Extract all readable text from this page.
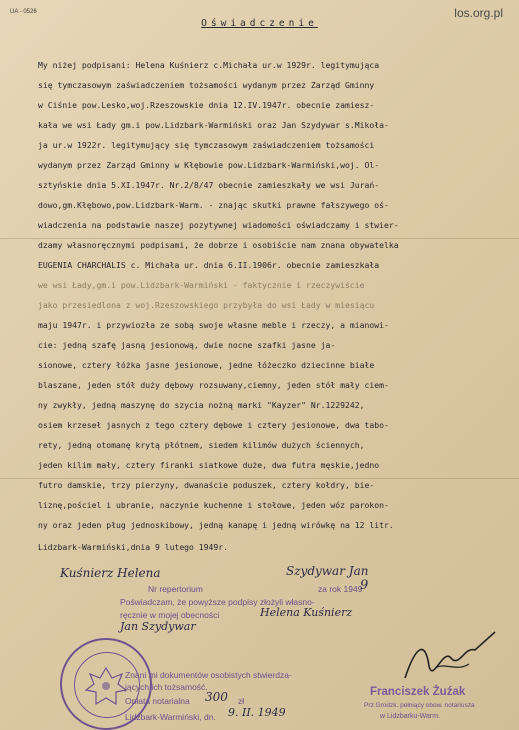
UA - 0526	los.org.pl
Oświadczenie
My niżej podpisani: Helena Kuśnierz c.Michała ur.w 1929r. legitymująca
się tymczasowym zaświadczeniem tożsamości wydanym przez Zarząd Gminny
w Ciśnie pow.Lesko,woj.Rzeszowskie dnia 12.IV.1947r. obecnie zamiesz-
kała we wsi Łady gm.i pow.Lidzbark-Warmiński oraz Jan Szydywar s.Mikoła-
ja ur.w 1922r. legitymujący się tymczasowym zaświadczeniem tożsamości
wydanym przez Zarząd Gminny w Kłębowie pow.Lidzbark-Warmiński,woj. Ol-
sztyńskie dnia 5.XI.1947r. Nr.2/8/47 obecnie zamieszkały we wsi Jurań-
dowo,gm.Kłębowo,pow.Lidzbark-Warm. - znając skutki prawne fałszywego oś-
wiadczenia na podstawie naszej pozytywnej wiadomości oświadczamy i stwier-
dzamy własnoręcznymi podpisami, że dobrze i osobiście nam znana obywatelka
EUGENIA CHARCHALIS c. Michała ur. dnia 6.II.1906r. obecnie zamieszkała
we wsi Łady,gm.i pow.Lidzbark-Warmiński - faktycznie i rzeczywiście
jako przesiedlona z woj.Rzeszowskiego przybyła do wsi Łady w miesiącu
maju 1947r. i przywiozła ze sobą swoje własne meble i rzeczy, a mianowi-
cie: jedną szafę jasną jesionową, dwie nocne szafki jasne ja-
sionowe, cztery łóżka jasne jesionowe, jedne łóżeczko dziecinne białe
blaszane, jeden stół duży dębowy rozsuwany,ciemny, jeden stół mały ciem-
ny zwykły, jedną maszynę do szycia nożną marki "Kayzer" Nr.1229242,
osiem krzeseł jasnych z tego cztery dębowe i cztery jesionowe, dwa tabo-
rety, jedną otomanę krytą płótnem, siedem kilimów dużych ściennych,
jeden kilim mały, cztery firanki siatkowe duże, dwa futra męskie,jedno
futro damskie, trzy pierzyny, dwanaście poduszek, cztery kołdry, bie-
liznę,pościel i ubranie, naczynie kuchenne i stołowe, jeden wóz parokon-
ny oraz jeden pług jednoskibowy, jedną kanapę i jedną wirówkę na 12 litr.
Lidzbark-Warmiński,dnia 9 lutego 1949r.
Kuśnierz Helena	Szydywar Jan
Nr repertorium	za rok 1949
9
Poświadczam, że powyższe podpisy złożyli własno-
ręcznie w mojej obecności	Helena Kuśnierz
Jan Szydywar
Znani mi dokumentów osobistych stwierdza-
jących ich tożsamość.
Opłata notarialna 300 zł
Lidzbark-Warmiński, dn. 9. II. 1949
Franciszek Żuźak
Prz.Grodzk. pełniący obow. notariusza
w Lidzbarku-Warm.
